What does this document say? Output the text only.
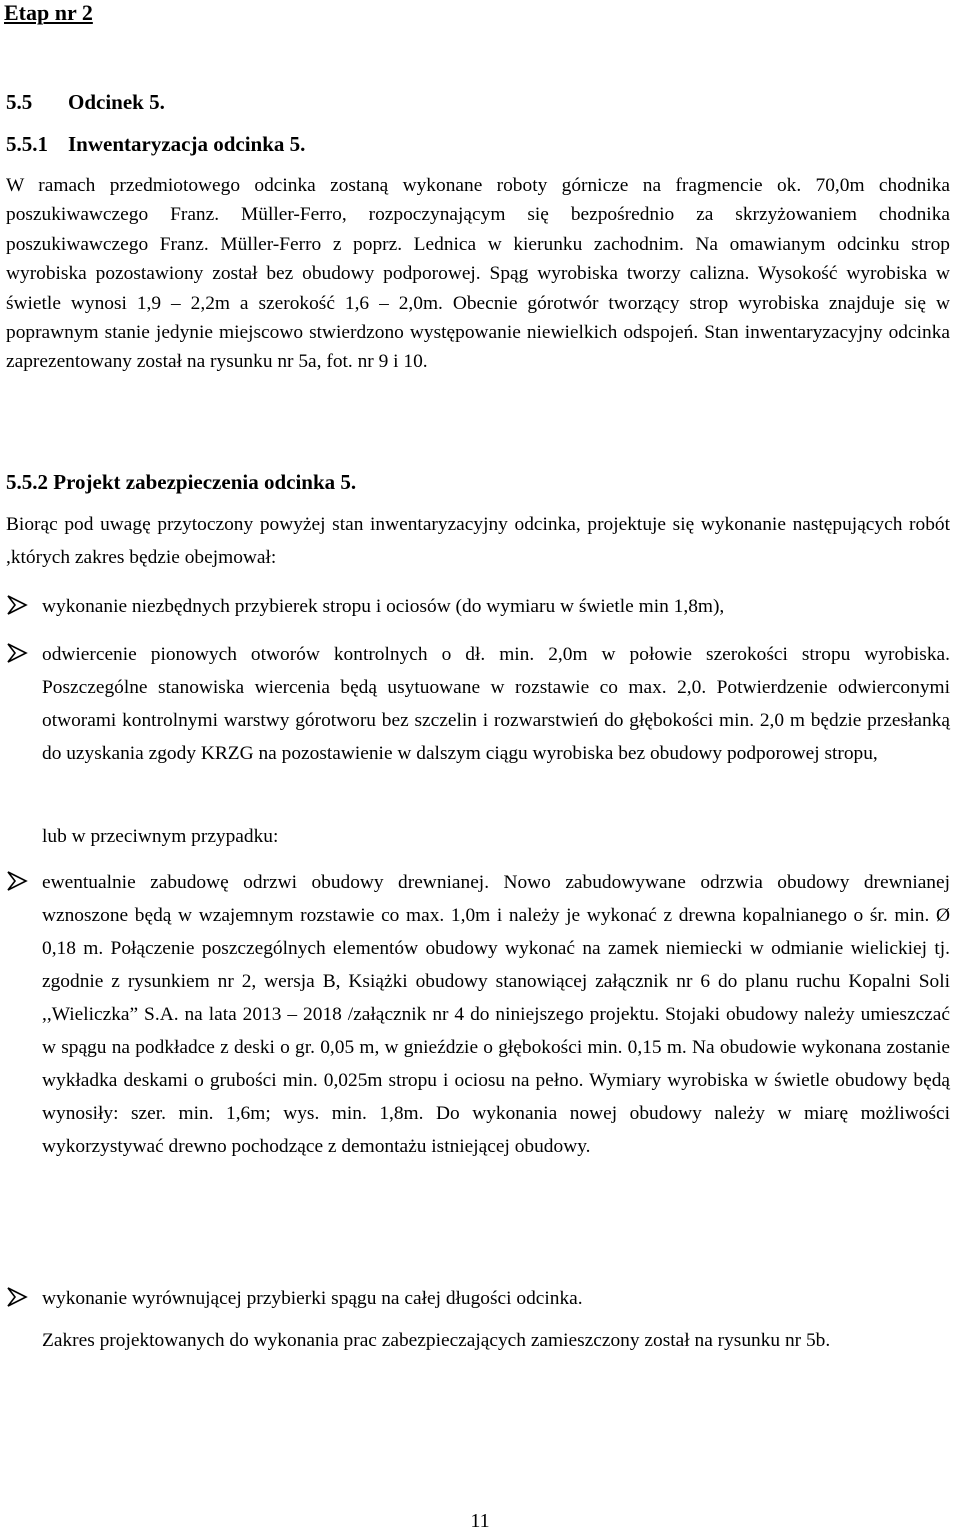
Etap nr 2
5.5 Odcinek 5.
5.5.1 Inwentaryzacja odcinka 5.

W ramach przedmiotowego odcinka zostaną wykonane roboty górnicze na fragmencie ok. 70,0m chodnika poszukiwawczego Franz. Müller-Ferro, rozpoczynającym się bezpośrednio za skrzyżowaniem chodnika poszukiwawczego Franz. Müller-Ferro z poprz. Lednica w kierunku zachodnim. Na omawianym odcinku strop wyrobiska pozostawiony został bez obudowy podporowej. Spąg wyrobiska tworzy calizna. Wysokość wyrobiska w świetle wynosi 1,9 – 2,2m a szerokość 1,6 – 2,0m. Obecnie górotwór tworzący strop wyrobiska znajduje się w poprawnym stanie jedynie miejscowo stwierdzono występowanie niewielkich odspojeń. Stan inwentaryzacyjny odcinka zaprezentowany został na rysunku nr 5a, fot. nr 9 i 10.

5.5.2 Projekt zabezpieczenia odcinka 5.

Biorąc pod uwagę przytoczony powyżej stan inwentaryzacyjny odcinka, projektuje się wykonanie następujących robót ,których zakres będzie obejmował:

wykonanie niezbędnych przybierek stropu i ociosów (do wymiaru w świetle min 1,8m),
odwiercenie pionowych otworów kontrolnych o dł. min. 2,0m w połowie szerokości stropu wyrobiska. Poszczególne stanowiska wiercenia będą usytuowane w rozstawie co max. 2,0. Potwierdzenie odwierconymi otworami kontrolnymi warstwy górotworu bez szczelin i rozwarstwień do głębokości min. 2,0 m będzie przesłanką do uzyskania zgody KRZG na pozostawienie w dalszym ciągu wyrobiska bez obudowy podporowej stropu,
lub w przeciwnym przypadku:
ewentualnie zabudowę odrzwi obudowy drewnianej. Nowo zabudowywane odrzwia obudowy drewnianej wznoszone będą w wzajemnym rozstawie co max. 1,0m i należy je wykonać z drewna kopalnianego o śr. min. Ø 0,18 m. Połączenie poszczególnych elementów obudowy wykonać na zamek niemiecki w odmianie wielickiej tj. zgodnie z rysunkiem nr 2, wersja B, Książki obudowy stanowiącej załącznik nr 6 do planu ruchu Kopalni Soli ,,Wieliczka” S.A. na lata 2013 – 2018 /załącznik nr 4 do niniejszego projektu. Stojaki obudowy należy umieszczać w spągu na podkładce z deski o gr. 0,05 m, w gnieździe o głębokości min. 0,15 m. Na obudowie wykonana zostanie wykładka deskami o grubości min. 0,025m stropu i ociosu na pełno. Wymiary wyrobiska w świetle obudowy będą wynosiły: szer. min. 1,6m; wys. min. 1,8m. Do wykonania nowej obudowy należy w miarę możliwości wykorzystywać drewno pochodzące z demontażu istniejącej obudowy.
wykonanie wyrównującej przybierki spągu na całej długości odcinka.

Zakres projektowanych do wykonania prac zabezpieczających zamieszczony został na rysunku nr 5b.

11
